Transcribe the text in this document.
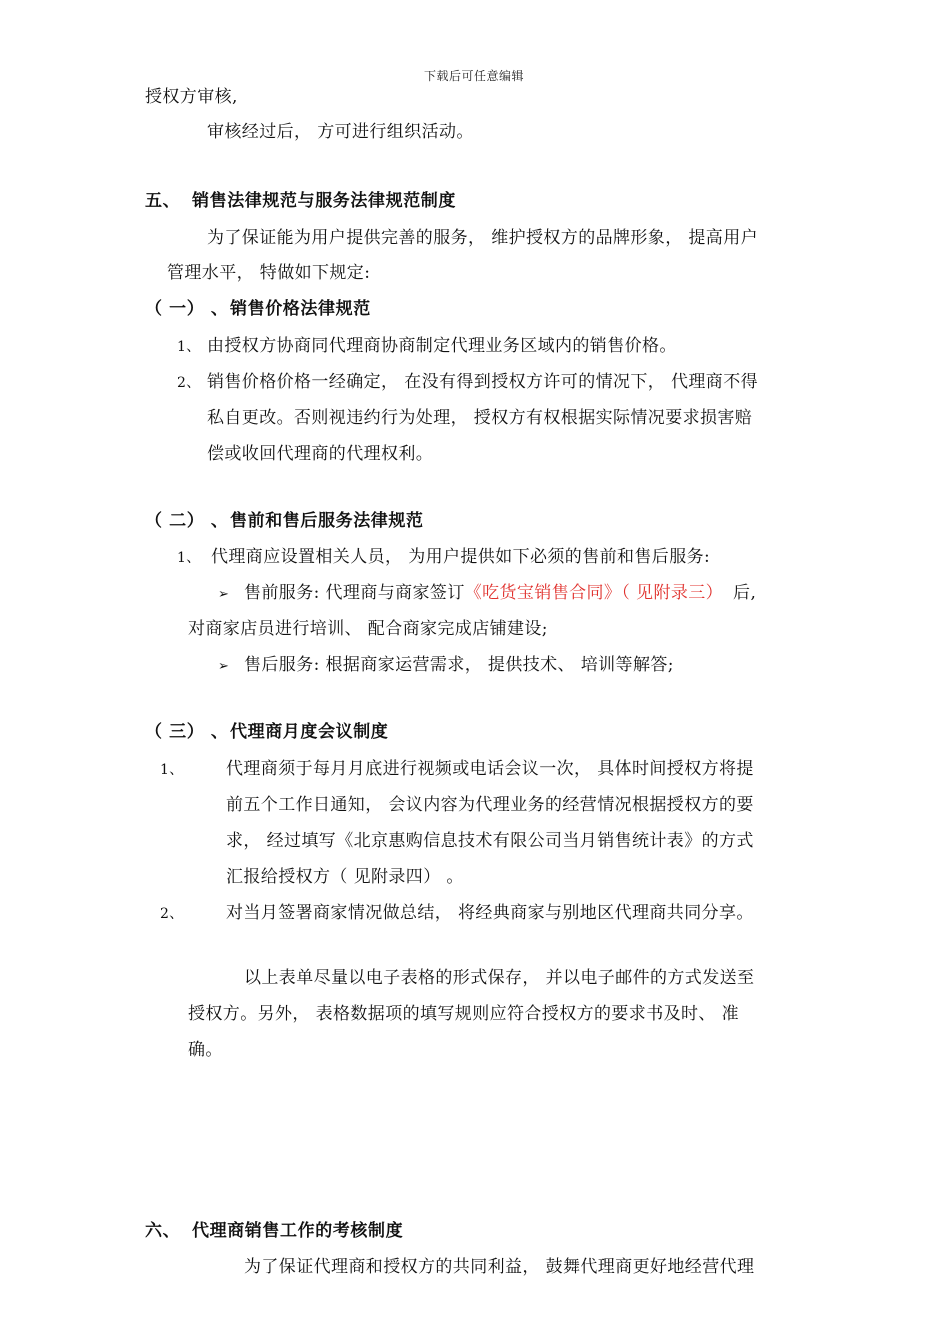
下载后可任意编辑
授权方审核,
审核经过后， 方可进行组织活动。
五、 销售法律规范与服务法律规范制度
为了保证能为用户提供完善的服务， 维护授权方的品牌形象， 提高用户
管理水平， 特做如下规定:
（ 一） 、 销售价格法律规范
1、 由授权方协商同代理商协商制定代理业务区域内的销售价格。
2、 销售价格价格一经确定， 在没有得到授权方许可的情况下， 代理商不得
私自更改。否则视违约行为处理， 授权方有权根据实际情况要求损害赔
偿或收回代理商的代理权利。
（ 二） 、 售前和售后服务法律规范
1、 代理商应设置相关人员， 为用户提供如下必须的售前和售后服务:
➢ 售前服务: 代理商与商家签订《吃货宝销售合同》（ 见附录三） 后,
对商家店员进行培训、 配合商家完成店铺建设;
➢ 售后服务: 根据商家运营需求， 提供技术、 培训等解答;
（ 三） 、 代理商月度会议制度
1、 代理商须于每月月底进行视频或电话会议一次， 具体时间授权方将提
前五个工作日通知， 会议内容为代理业务的经营情况根据授权方的要
求， 经过填写《北京惠购信息技术有限公司当月销售统计表》的方式
汇报给授权方（ 见附录四） 。
2、 对当月签署商家情况做总结， 将经典商家与别地区代理商共同分享。
以上表单尽量以电子表格的形式保存， 并以电子邮件的方式发送至
授权方。另外， 表格数据项的填写规则应符合授权方的要求书及时、 准
确。
六、 代理商销售工作的考核制度
为了保证代理商和授权方的共同利益， 鼓舞代理商更好地经营代理
